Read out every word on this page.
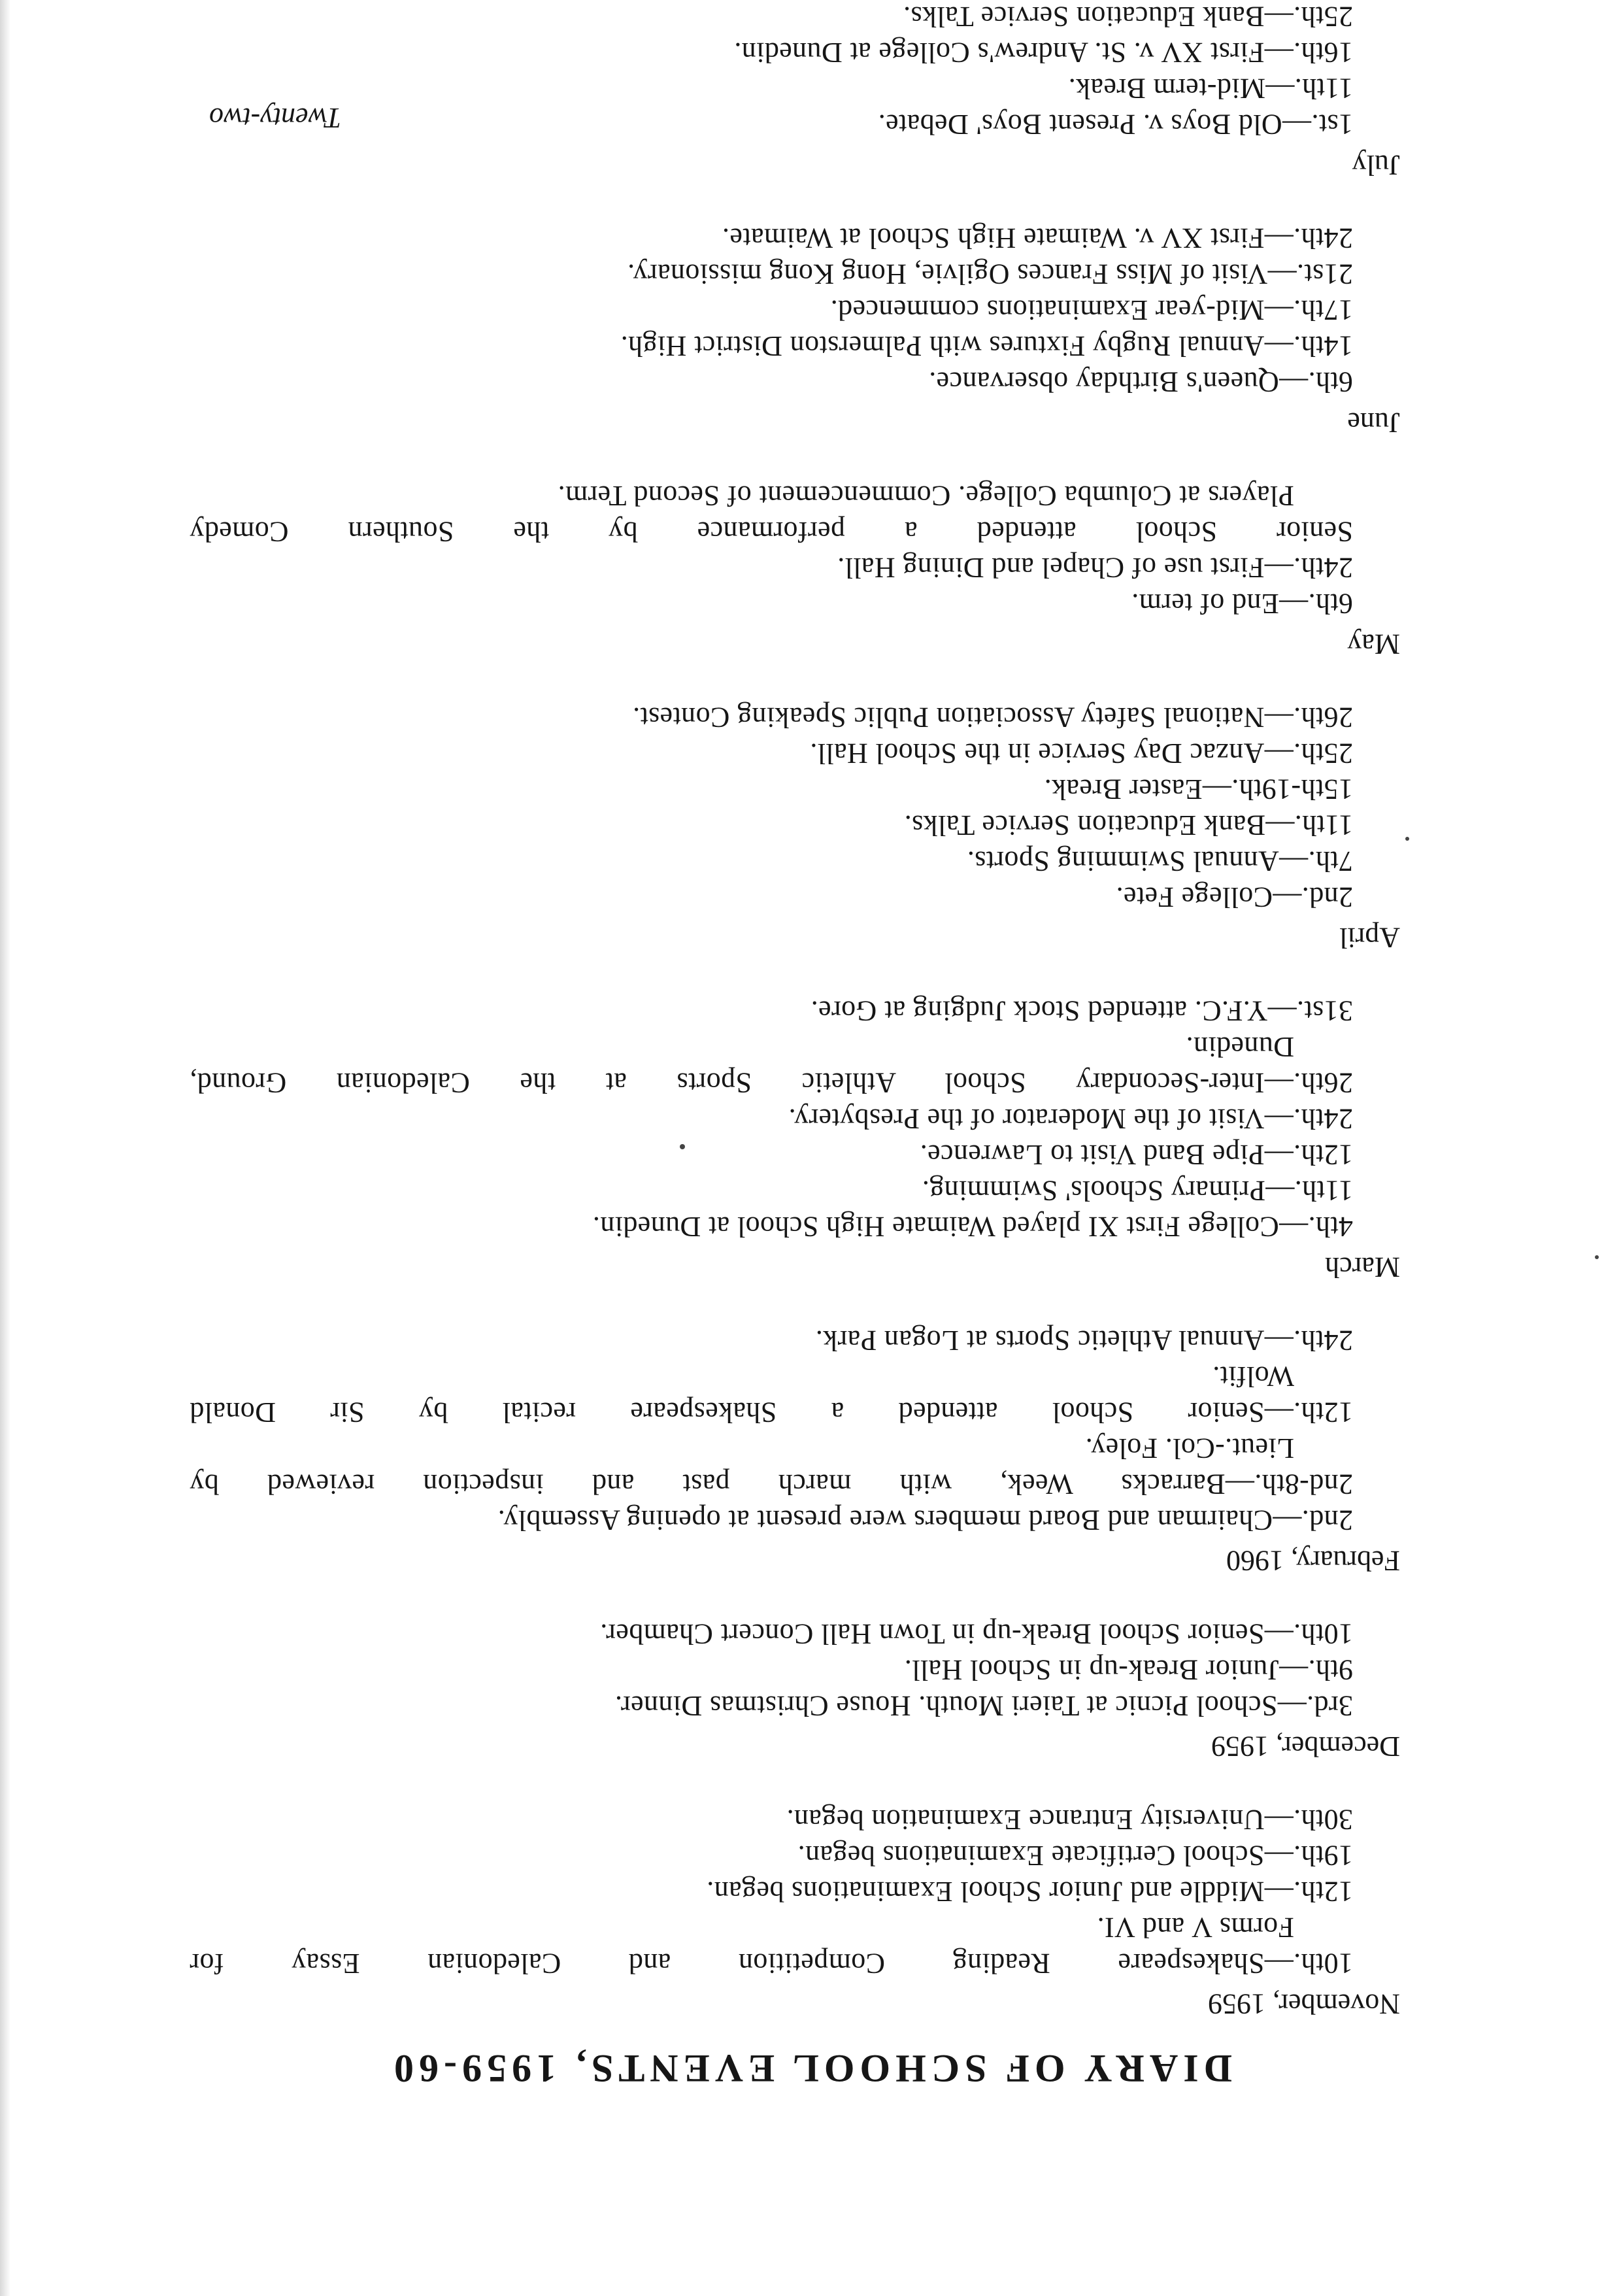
DIARY OF SCHOOL EVENTS, 1959-60
November, 1959
10th.—Shakespeare Reading Competition and Caledonian Essay for
Forms V and VI.
12th.—Middle and Junior School Examinations began.
19th.—School Certificate Examinations began.
30th.—University Entrance Examination began.
December, 1959
3rd.—School Picnic at Taieri Mouth. House Christmas Dinner.
9th.—Junior Break-up in School Hall.
10th.—Senior School Break-up in Town Hall Concert Chamber.
February, 1960
2nd.—Chairman and Board members were present at opening Assembly.
2nd-8th.—Barracks Week, with march past and inspection reviewed by
Lieut.-Col. Foley.
12th.—Senior School attended a Shakespeare recital by Sir Donald
Wolfit.
24th.—Annual Athletic Sports at Logan Park.
March
4th.—College First XI played Waimate High School at Dunedin.
11th.—Primary Schools' Swimming.
12th.—Pipe Band Visit to Lawrence.
24th.—Visit of the Moderator of the Presbytery.
26th.—Inter-Secondary School Athletic Sports at the Caledonian Ground,
Dunedin.
31st.—Y.F.C. attended Stock Judging at Gore.
April
2nd.—College Fete.
7th.—Annual Swimming Sports.
11th.—Bank Education Service Talks.
15th-19th.—Easter Break.
25th.—Anzac Day Service in the School Hall.
26th.—National Safety Association Public Speaking Contest.
May
6th.—End of term.
24th.—First use of Chapel and Dining Hall.
Senior School attended a performance by the Southern Comedy
Players at Columba College. Commencement of Second Term.
June
6th.—Queen's Birthday observance.
14th.—Annual Rugby Fixtures with Palmerston District High.
17th.—Mid-year Examinations commenced.
21st.—Visit of Miss Frances Ogilvie, Hong Kong missionary.
24th.—First XV v. Waimate High School at Waimate.
July
1st.—Old Boys v. Present Boys' Debate.
11th.—Mid-term Break.
16th.—First XV v. St. Andrew's College at Dunedin.
25th.—Bank Education Service Talks.
Twenty-two
